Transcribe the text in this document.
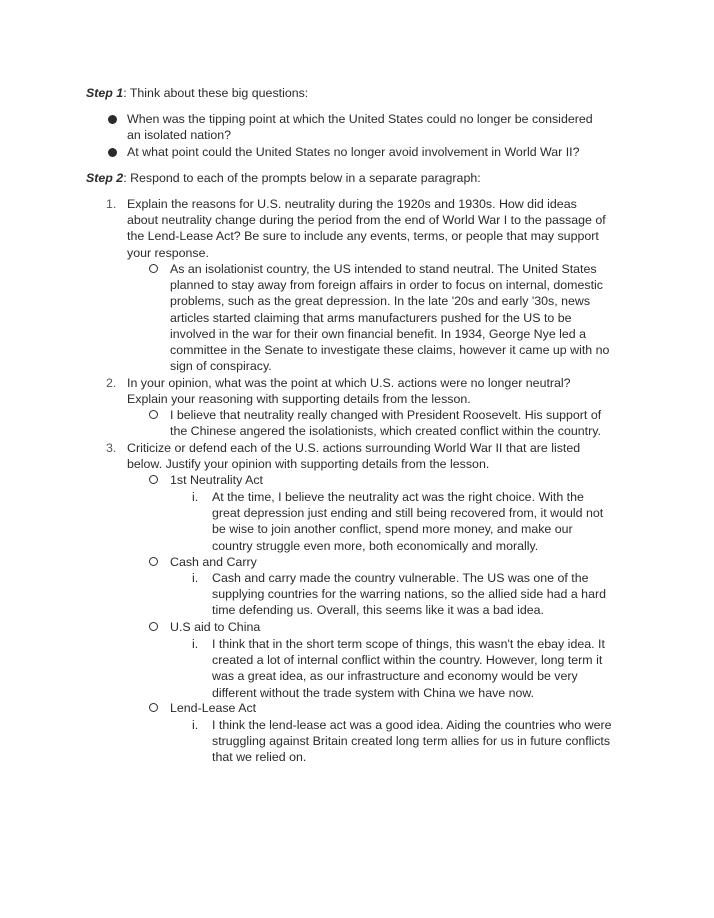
Step 1: Think about these big questions:
When was the tipping point at which the United States could no longer be considered
an isolated nation?
At what point could the United States no longer avoid involvement in World War II?
Step 2: Respond to each of the prompts below in a separate paragraph:
1. Explain the reasons for U.S. neutrality during the 1920s and 1930s. How did ideas
about neutrality change during the period from the end of World War I to the passage of
the Lend-Lease Act? Be sure to include any events, terms, or people that may support
your response.
As an isolationist country, the US intended to stand neutral. The United States
planned to stay away from foreign affairs in order to focus on internal, domestic
problems, such as the great depression. In the late '20s and early '30s, news
articles started claiming that arms manufacturers pushed for the US to be
involved in the war for their own financial benefit. In 1934, George Nye led a
committee in the Senate to investigate these claims, however it came up with no
sign of conspiracy.
2. In your opinion, what was the point at which U.S. actions were no longer neutral?
Explain your reasoning with supporting details from the lesson.
I believe that neutrality really changed with President Roosevelt. His support of
the Chinese angered the isolationists, which created conflict within the country.
3. Criticize or defend each of the U.S. actions surrounding World War II that are listed
below. Justify your opinion with supporting details from the lesson.
1st Neutrality Act
i. At the time, I believe the neutrality act was the right choice. With the
great depression just ending and still being recovered from, it would not
be wise to join another conflict, spend more money, and make our
country struggle even more, both economically and morally.
Cash and Carry
i. Cash and carry made the country vulnerable. The US was one of the
supplying countries for the warring nations, so the allied side had a hard
time defending us. Overall, this seems like it was a bad idea.
U.S aid to China
i. I think that in the short term scope of things, this wasn't the ebay idea. It
created a lot of internal conflict within the country. However, long term it
was a great idea, as our infrastructure and economy would be very
different without the trade system with China we have now.
Lend-Lease Act
i. I think the lend-lease act was a good idea. Aiding the countries who were
struggling against Britain created long term allies for us in future conflicts
that we relied on.
